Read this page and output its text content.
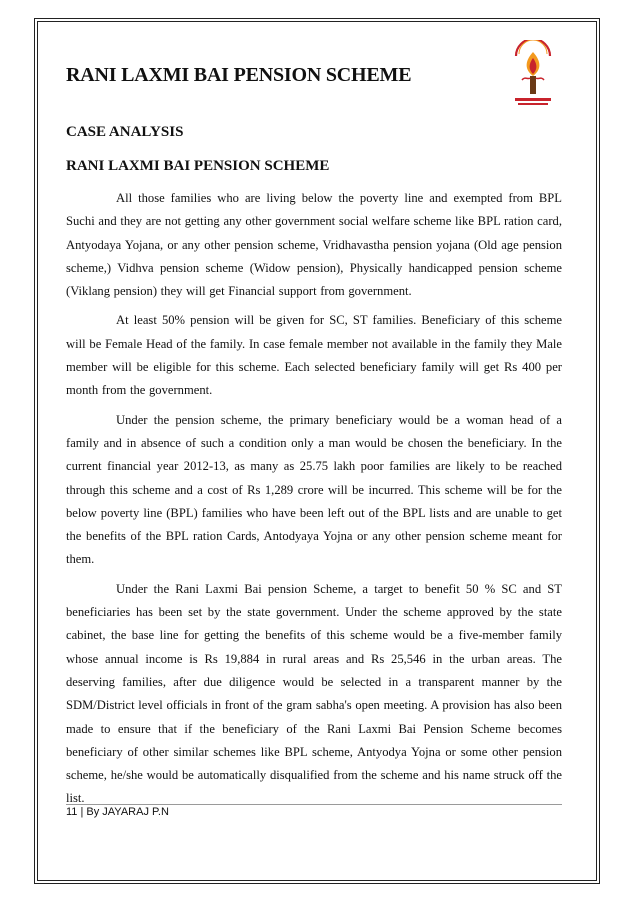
RANI LAXMI BAI PENSION SCHEME
CASE ANALYSIS
RANI LAXMI BAI PENSION SCHEME

All those families who are living below the poverty line and exempted from BPL Suchi and they are not getting any other government social welfare scheme like BPL ration card, Antyodaya Yojana, or any other pension scheme, Vridhavastha pension yojana (Old age pension scheme,) Vidhva pension scheme (Widow pension), Physically handicapped pension scheme (Viklang pension) they will get Financial support from government.

At least 50% pension will be given for SC, ST families. Beneficiary of this scheme will be Female Head of the family. In case female member not available in the family they Male member will be eligible for this scheme. Each selected beneficiary family will get Rs 400 per month from the government.

Under the pension scheme, the primary beneficiary would be a woman head of a family and in absence of such a condition only a man would be chosen the beneficiary. In the current financial year 2012-13, as many as 25.75 lakh poor families are likely to be reached through this scheme and a cost of Rs 1,289 crore will be incurred. This scheme will be for the below poverty line (BPL) families who have been left out of the BPL lists and are unable to get the benefits of the BPL ration Cards, Antodyaya Yojna or any other pension scheme meant for them.

Under the Rani Laxmi Bai pension Scheme, a target to benefit 50 % SC and ST beneficiaries has been set by the state government. Under the scheme approved by the state cabinet, the base line for getting the benefits of this scheme would be a five-member family whose annual income is Rs 19,884 in rural areas and Rs 25,546 in the urban areas. The deserving families, after due diligence would be selected in a transparent manner by the SDM/District level officials in front of the gram sabha's open meeting. A provision has also been made to ensure that if the beneficiary of the Rani Laxmi Bai Pension Scheme becomes beneficiary of other similar schemes like BPL scheme, Antyodya Yojna or some other pension scheme, he/she would be automatically disqualified from the scheme and his name struck off the list.

11 | By JAYARAJ P.N
